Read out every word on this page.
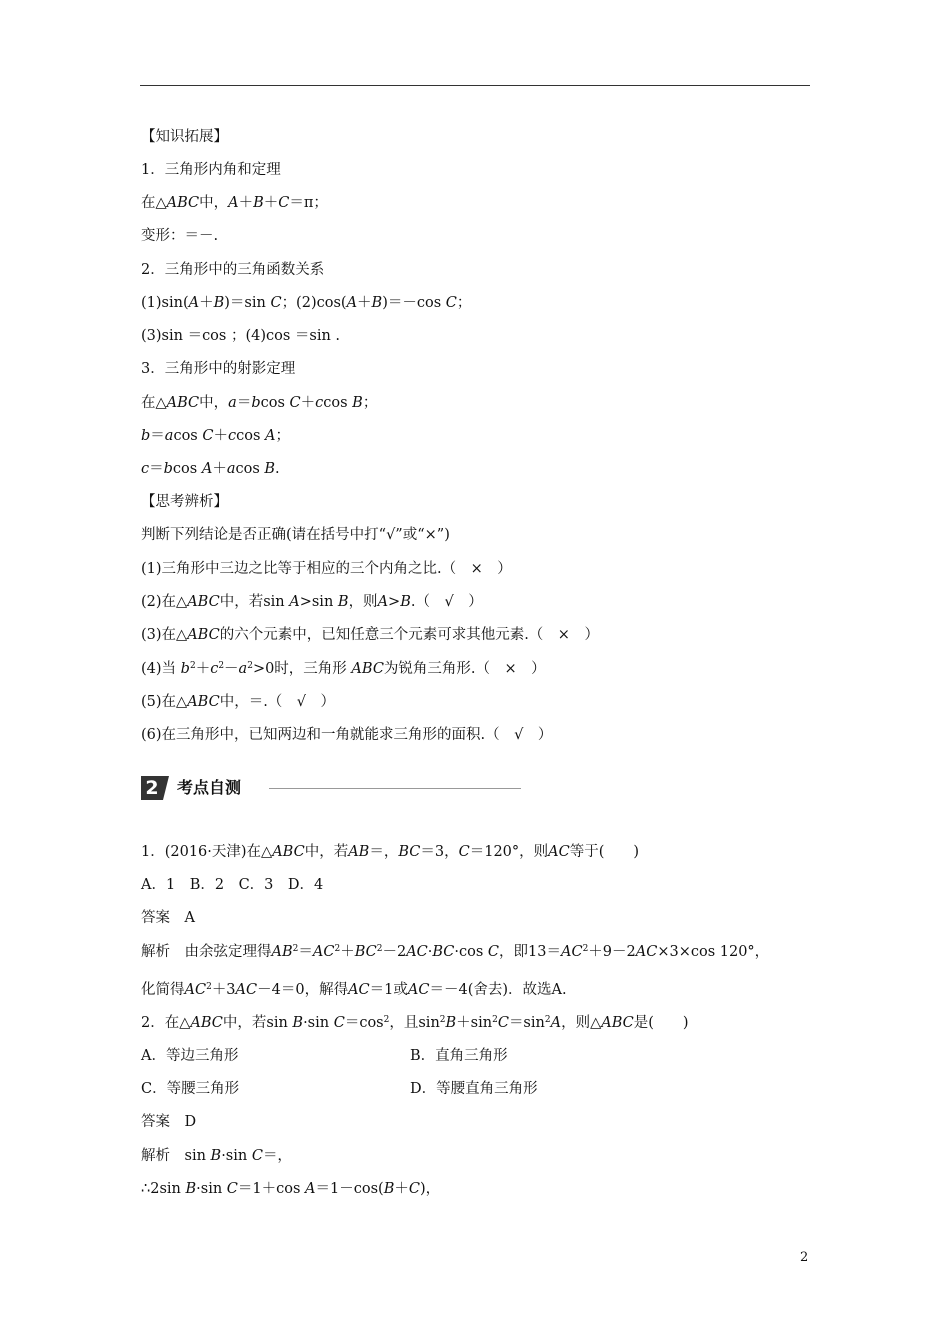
【知识拓展】
1．三角形内角和定理
在△ABC中，A＋B＋C＝π；
变形：＝－.
2．三角形中的三角函数关系
(1)sin(A＋B)＝sin C；(2)cos(A＋B)＝－cos C；
(3)sin ＝cos ；(4)cos ＝sin .
3．三角形中的射影定理
在△ABC中，a＝bcos C＋ccos B；
b＝acos C＋ccos A；
c＝bcos A＋acos B.
【思考辨析】
判断下列结论是否正确(请在括号中打“√”或“×”)
(1)三角形中三边之比等于相应的三个内角之比.（　×　）
(2)在△ABC中，若sin A>sin B，则A>B.（　√　）
(3)在△ABC的六个元素中，已知任意三个元素可求其他元素.（　×　）
(4)当 $b^2+c^2-a^2>0$时，三角形 ABC为锐角三角形.（　×　）
(5)在△ABC中，＝.（　√　）
(6)在三角形中，已知两边和一角就能求三角形的面积.（　√　）
2 考点自测
1．(2016·天津)在△ABC中，若AB＝，BC＝3，C＝120°，则AC等于(　　)
A．1　B．2　C．3　D．4
答案　A
解析　由余弦定理得$AB^2=AC^2+BC^2-2AC\cdot BC\cdot\cos$ C，即$13=AC^2+9-2AC\times 3\times\cos$ 120°，
化简得$AC^2+3AC-4=0$，解得AC＝1或AC＝－4(舍去)．故选A.
2．在△ABC中，若sin B·sin $C=\cos^2$，且$\sin^2B+\sin^2C=\sin^2A$，则△ABC是(　　)
A．等边三角形	B．直角三角形
C．等腰三角形	D．等腰直角三角形
答案　D
解析　sin B·sin C＝，
∴2sin B·sin C＝1＋cos A＝1－cos(B＋C)，
2
